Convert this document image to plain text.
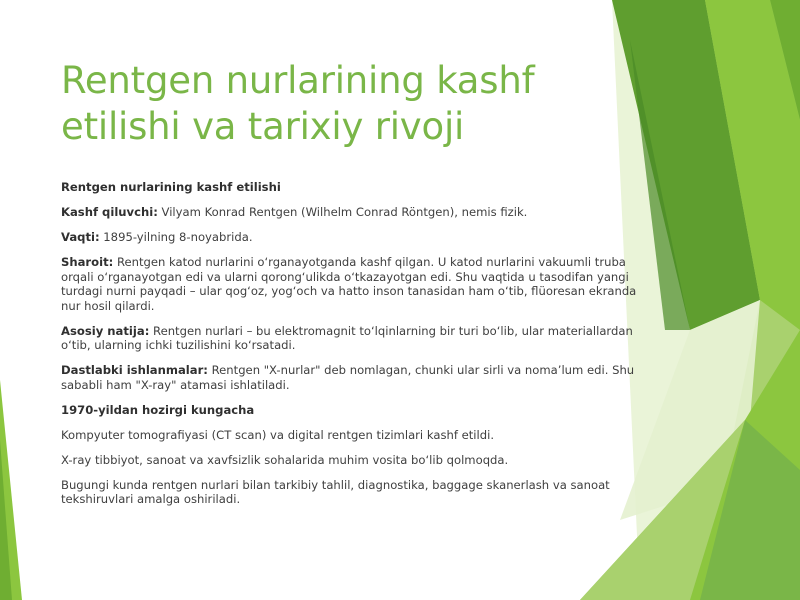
Rentgen nurlarining kashf etilishi va tarixiy rivoji

Rentgen nurlarining kashf etilishi

Kashf qiluvchi: Vilyam Konrad Rentgen (Wilhelm Conrad Röntgen), nemis fizik.

Vaqti: 1895-yilning 8-noyabrida.

Sharoit: Rentgen katod nurlarini o‘rganayotganda kashf qilgan. U katod nurlarini vakuumli truba orqali o‘rganayotgan edi va ularni qorong‘ulikda o‘tkazayotgan edi. Shu vaqtida u tasodifan yangi turdagi nurni payqadi – ular qog‘oz, yog‘och va hatto inson tanasidan ham o‘tib, flüoresan ekranda nur hosil qilardi.

Asosiy natija: Rentgen nurlari – bu elektromagnit to‘lqinlarning bir turi bo‘lib, ular materiallardan o‘tib, ularning ichki tuzilishini ko‘rsatadi.

Dastlabki ishlanmalar: Rentgen "X-nurlar" deb nomlagan, chunki ular sirli va noma’lum edi. Shu sababli ham "X-ray" atamasi ishlatiladi.

1970-yildan hozirgi kungacha

Kompyuter tomografiyasi (CT scan) va digital rentgen tizimlari kashf etildi.

X-ray tibbiyot, sanoat va xavfsizlik sohalarida muhim vosita bo‘lib qolmoqda.

Bugungi kunda rentgen nurlari bilan tarkibiy tahlil, diagnostika, baggage skanerlash va sanoat tekshiruvlari amalga oshiriladi.
